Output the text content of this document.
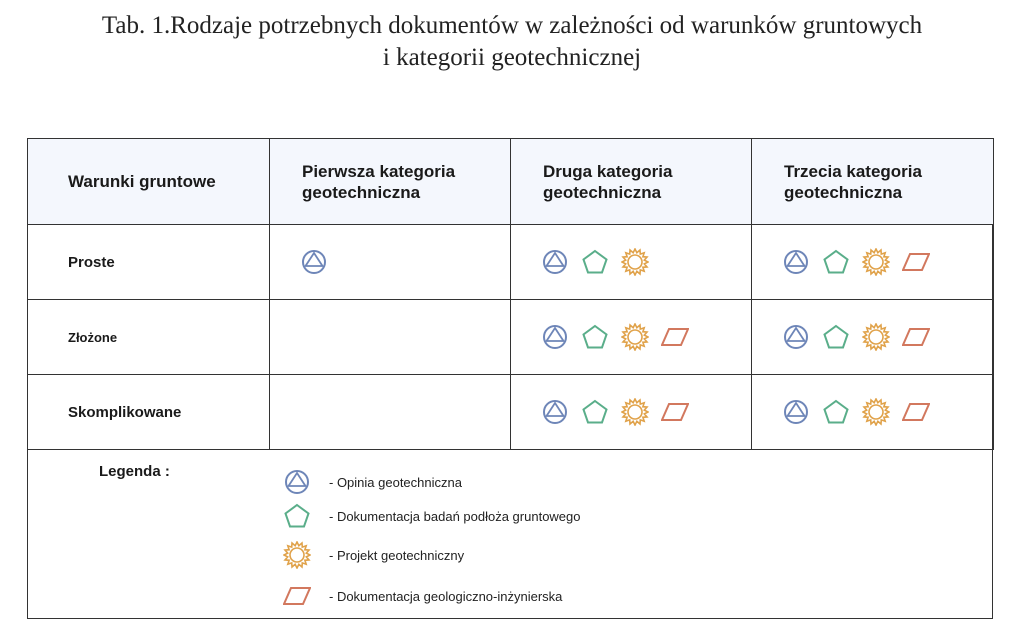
Tab. 1.Rodzaje potrzebnych dokumentów w zależności od warunków gruntowych
i kategorii geotechnicznej
Warunki gruntowe	Pierwsza kategoria geotechniczna	Druga kategoria geotechniczna	Trzecia kategoria geotechniczna

Proste

Złożone

Skomplikowane

Legenda :
- Opinia geotechniczna
- Dokumentacja badań podłoża gruntowego
- Projekt geotechniczny
- Dokumentacja geologiczno-inżynierska
